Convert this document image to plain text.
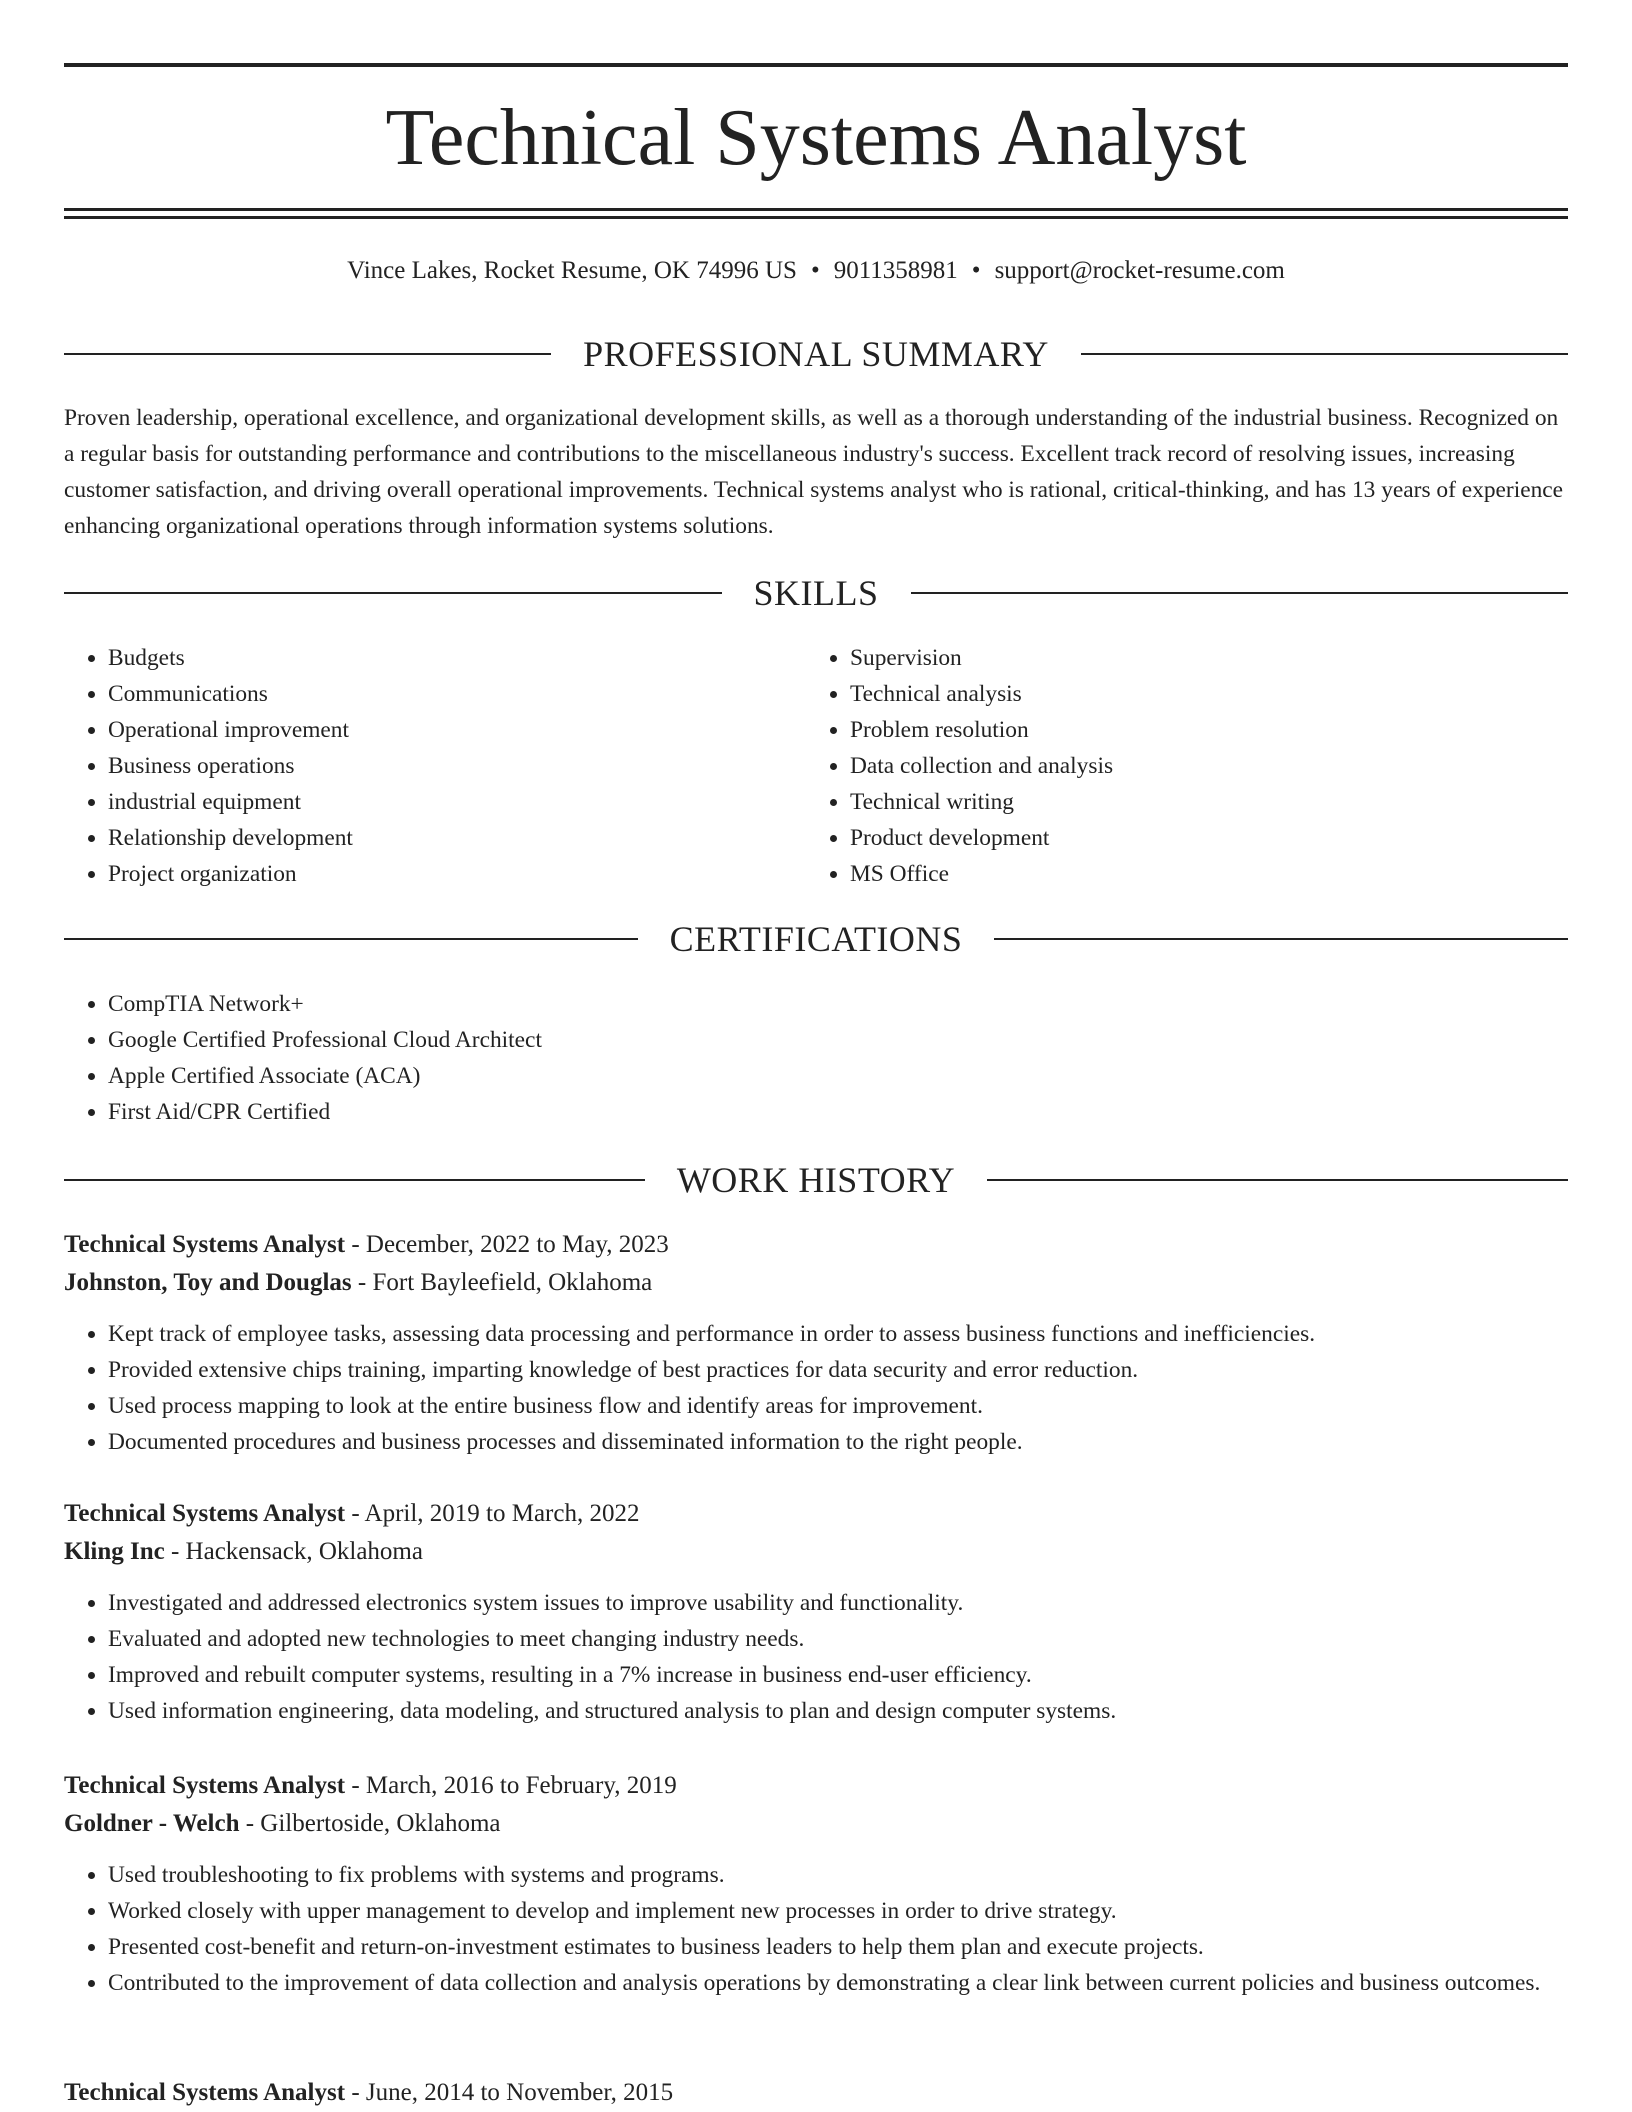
Technical Systems Analyst
Vince Lakes, Rocket Resume, OK 74996 US • 9011358981 • support@rocket-resume.com
PROFESSIONAL SUMMARY

Proven leadership, operational excellence, and organizational development skills, as well as a thorough understanding of the industrial business. Recognized on a regular basis for outstanding performance and contributions to the miscellaneous industry's success. Excellent track record of resolving issues, increasing customer satisfaction, and driving overall operational improvements. Technical systems analyst who is rational, critical-thinking, and has 13 years of experience enhancing organizational operations through information systems solutions.

SKILLS
• Budgets
• Communications
• Operational improvement
• Business operations
• industrial equipment
• Relationship development
• Project organization
• Supervision
• Technical analysis
• Problem resolution
• Data collection and analysis
• Technical writing
• Product development
• MS Office
CERTIFICATIONS
• CompTIA Network+
• Google Certified Professional Cloud Architect
• Apple Certified Associate (ACA)
• First Aid/CPR Certified
WORK HISTORY
Technical Systems Analyst - December, 2022 to May, 2023
Johnston, Toy and Douglas - Fort Bayleefield, Oklahoma
• Kept track of employee tasks, assessing data processing and performance in order to assess business functions and inefficiencies.
• Provided extensive chips training, imparting knowledge of best practices for data security and error reduction.
• Used process mapping to look at the entire business flow and identify areas for improvement.
• Documented procedures and business processes and disseminated information to the right people.
Technical Systems Analyst - April, 2019 to March, 2022
Kling Inc - Hackensack, Oklahoma
• Investigated and addressed electronics system issues to improve usability and functionality.
• Evaluated and adopted new technologies to meet changing industry needs.
• Improved and rebuilt computer systems, resulting in a 7% increase in business end-user efficiency.
• Used information engineering, data modeling, and structured analysis to plan and design computer systems.
Technical Systems Analyst - March, 2016 to February, 2019
Goldner - Welch - Gilbertoside, Oklahoma
• Used troubleshooting to fix problems with systems and programs.
• Worked closely with upper management to develop and implement new processes in order to drive strategy.
• Presented cost-benefit and return-on-investment estimates to business leaders to help them plan and execute projects.
• Contributed to the improvement of data collection and analysis operations by demonstrating a clear link between current policies and business outcomes.
Technical Systems Analyst - June, 2014 to November, 2015
